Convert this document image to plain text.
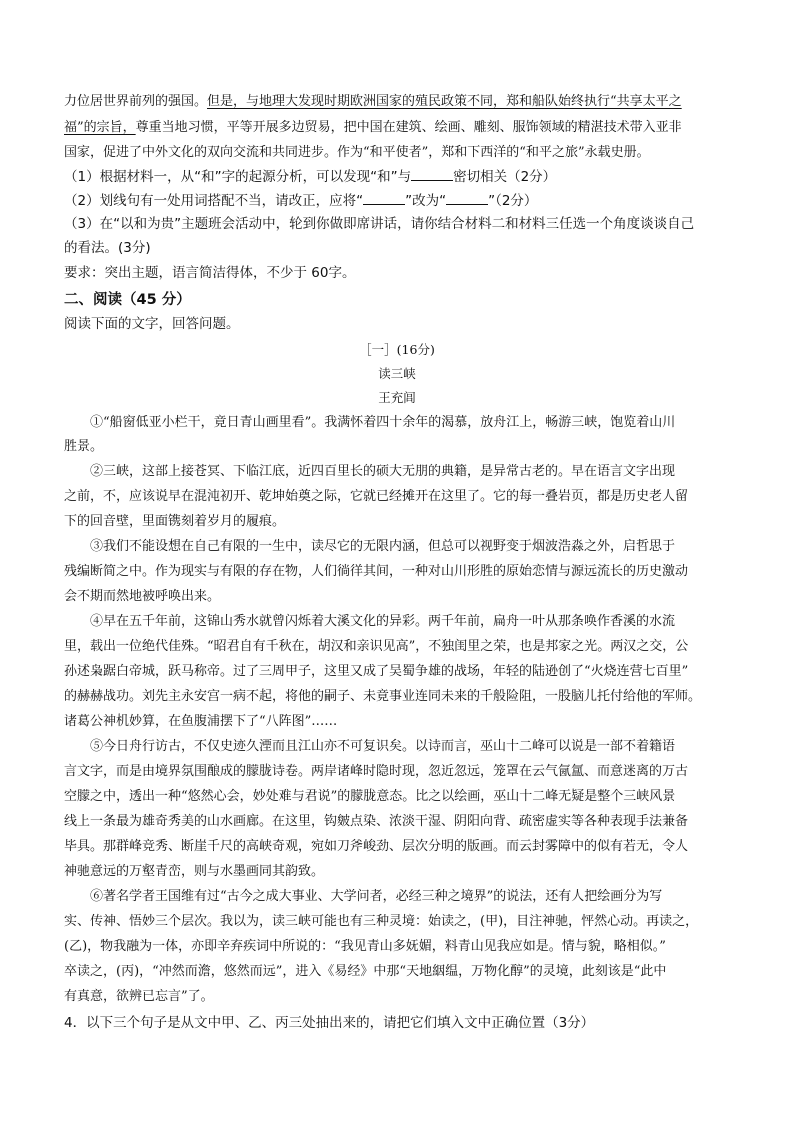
力位居世界前列的强国。但是，与地理大发现时期欧洲国家的殖民政策不同，郑和船队始终执行“共享太平之
福”的宗旨，尊重当地习惯，平等开展多边贸易，把中国在建筑、绘画、雕刻、服饰领域的精湛技术带入亚非
国家，促进了中外文化的双向交流和共同进步。作为“和平使者”，郑和下西洋的“和平之旅”永载史册。
（1）根据材料一，从“和”字的起源分析，可以发现“和”与	密切相关（2分）
（2）划线句有一处用词搭配不当，请改正，应将“	”改为“	”（2分）
（3）在“以和为贵”主题班会活动中，轮到你做即席讲话，请你结合材料二和材料三任选一个角度谈谈自己
的看法。(3分)
要求：突出主题，语言简洁得体，不少于 60字。
二、阅读（45 分）
阅读下面的文字，回答问题。
［一］(16分)
读三峡
王充闾
①“船窗低亚小栏干，竟日青山画里看”。我满怀着四十余年的渴慕，放舟江上，畅游三峡，饱览着山川
胜景。
②三峡，这部上接苍冥、下临江底，近四百里长的硕大无朋的典籍，是异常古老的。早在语言文字出现
之前，不，应该说早在混沌初开、乾坤始奠之际，它就已经摊开在这里了。它的每一叠岩页，都是历史老人留
下的回音壁，里面镌刻着岁月的履痕。
③我们不能设想在自己有限的一生中，读尽它的无限内涵，但总可以视野变于烟波浩淼之外，启哲思于
残编断简之中。作为现实与有限的存在物，人们徜徉其间，一种对山川形胜的原始恋情与源远流长的历史激动
会不期而然地被呼唤出来。
④早在五千年前，这锦山秀水就曾闪烁着大溪文化的异彩。两千年前，扁舟一叶从那条唤作香溪的水流
里，载出一位绝代佳殊。“昭君自有千秋在，胡汉和亲识见高”，不独闺里之荣，也是邦家之光。两汉之交，公
孙述枭踞白帝城，跃马称帝。过了三周甲子，这里又成了吴蜀争雄的战场，年轻的陆逊创了“火烧连营七百里”
的赫赫战功。刘先主永安宫一病不起，将他的嗣子、未竟事业连同未来的千般险阻，一股脑儿托付给他的军师。
诸葛公神机妙算，在鱼腹浦摆下了“八阵图”……
⑤今日舟行访古，不仅史迹久湮而且江山亦不可复识矣。以诗而言，巫山十二峰可以说是一部不着籍语
言文字，而是由境界氛围酿成的朦胧诗卷。两岸诸峰时隐时现，忽近忽远，笼罩在云气氤氲、而意迷离的万古
空朦之中，透出一种“悠然心会，妙处难与君说”的朦胧意态。比之以绘画，巫山十二峰无疑是整个三峡风景
线上一条最为雄奇秀美的山水画廊。在这里，钩皴点染、浓淡干湿、阴阳向背、疏密虚实等各种表现手法兼备
毕具。那群峰竞秀、断崖千尺的高峡奇观，宛如刀斧峻劲、层次分明的版画。而云封雾障中的似有若无，令人
神驰意远的万壑青峦，则与水墨画同其韵致。
⑥著名学者王国维有过“古今之成大事业、大学问者，必经三种之境界”的说法，还有人把绘画分为写
实、传神、悟妙三个层次。我以为，读三峡可能也有三种灵境：始读之，(甲)，目注神驰，怦然心动。再读之，
(乙)，物我融为一体，亦即辛弃疾词中所说的：“我见青山多妩媚，料青山见我应如是。情与貌，略相似。”
卒读之，(丙)，“冲然而澹，悠然而远”，进入《易经》中那“天地絪缊，万物化醇”的灵境，此刻该是“此中
有真意，欲辨已忘言”了。
4．以下三个句子是从文中甲、乙、丙三处抽出来的，请把它们填入文中正确位置（3分）
